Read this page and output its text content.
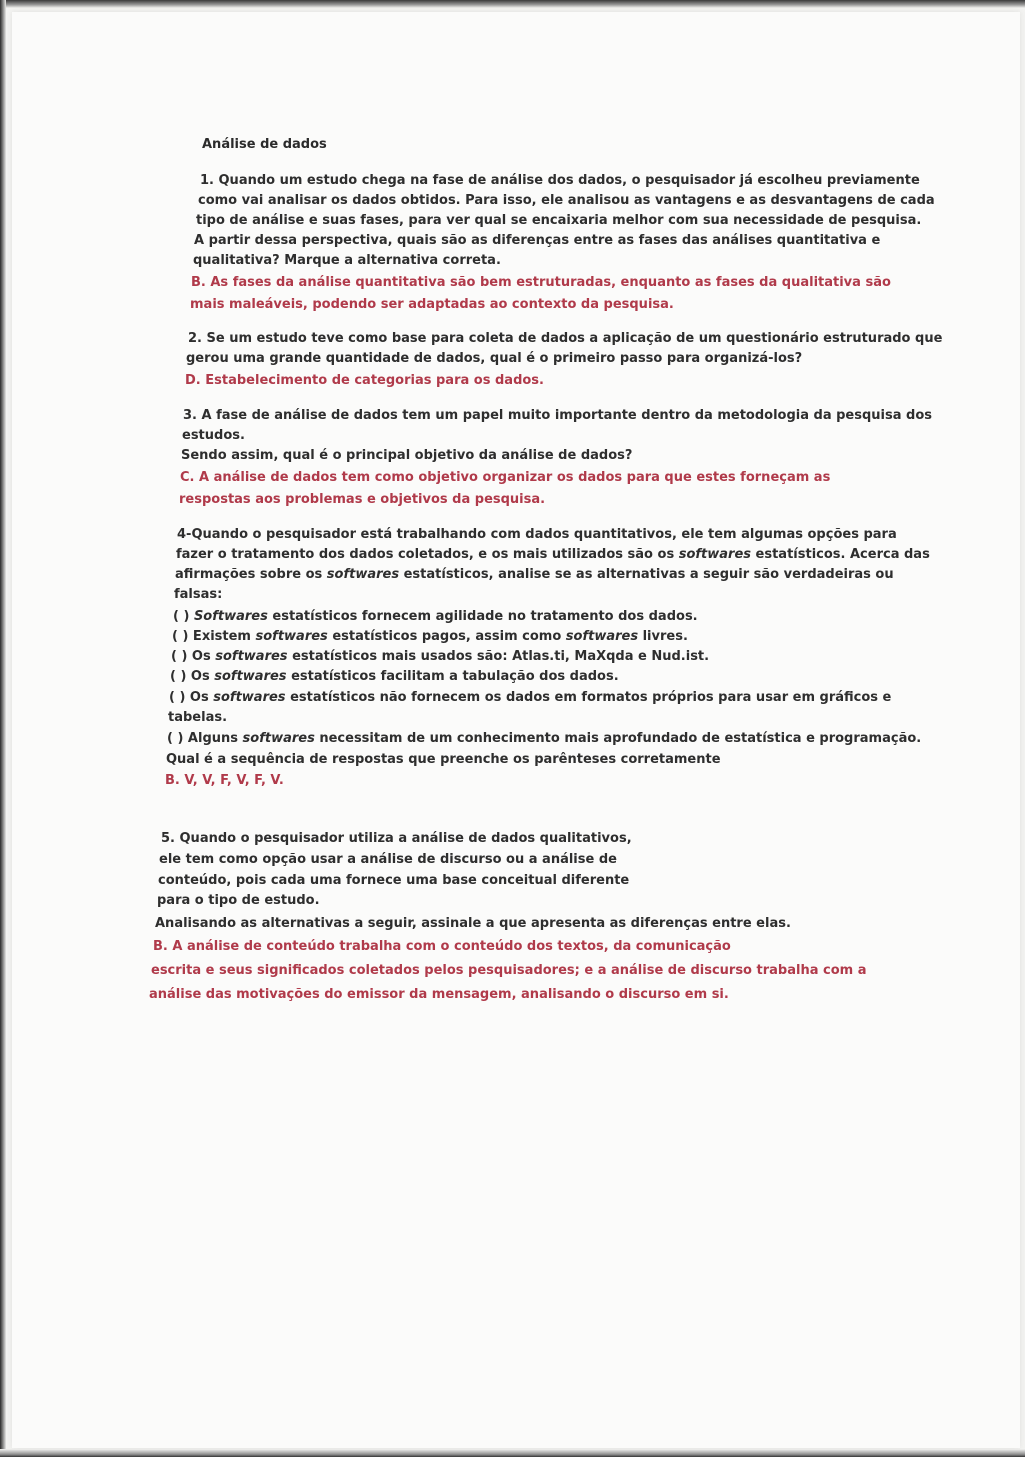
Análise de dados
1. Quando um estudo chega na fase de análise dos dados, o pesquisador já escolheu previamente
como vai analisar os dados obtidos. Para isso, ele analisou as vantagens e as desvantagens de cada
tipo de análise e suas fases, para ver qual se encaixaria melhor com sua necessidade de pesquisa.
A partir dessa perspectiva, quais são as diferenças entre as fases das análises quantitativa e
qualitativa? Marque a alternativa correta.
B. As fases da análise quantitativa são bem estruturadas, enquanto as fases da qualitativa são
mais maleáveis, podendo ser adaptadas ao contexto da pesquisa.
2. Se um estudo teve como base para coleta de dados a aplicação de um questionário estruturado que
gerou uma grande quantidade de dados, qual é o primeiro passo para organizá-los?
D. Estabelecimento de categorias para os dados.
3. A fase de análise de dados tem um papel muito importante dentro da metodologia da pesquisa dos
estudos.
Sendo assim, qual é o principal objetivo da análise de dados?
C. A análise de dados tem como objetivo organizar os dados para que estes forneçam as
respostas aos problemas e objetivos da pesquisa.
4-Quando o pesquisador está trabalhando com dados quantitativos, ele tem algumas opções para
fazer o tratamento dos dados coletados, e os mais utilizados são os softwares estatísticos. Acerca das
afirmações sobre os softwares estatísticos, analise se as alternativas a seguir são verdadeiras ou
falsas:
( ) Softwares estatísticos fornecem agilidade no tratamento dos dados.
( ) Existem softwares estatísticos pagos, assim como softwares livres.
( ) Os softwares estatísticos mais usados são: Atlas.ti, MaXqda e Nud.ist.
( ) Os softwares estatísticos facilitam a tabulação dos dados.
( ) Os softwares estatísticos não fornecem os dados em formatos próprios para usar em gráficos e
tabelas.
( ) Alguns softwares necessitam de um conhecimento mais aprofundado de estatística e programação.
Qual é a sequência de respostas que preenche os parênteses corretamente
B. V, V, F, V, F, V.
5. Quando o pesquisador utiliza a análise de dados qualitativos,
ele tem como opção usar a análise de discurso ou a análise de
conteúdo, pois cada uma fornece uma base conceitual diferente
para o tipo de estudo.
Analisando as alternativas a seguir, assinale a que apresenta as diferenças entre elas.
B. A análise de conteúdo trabalha com o conteúdo dos textos, da comunicação
escrita e seus significados coletados pelos pesquisadores; e a análise de discurso trabalha com a
análise das motivações do emissor da mensagem, analisando o discurso em si.
